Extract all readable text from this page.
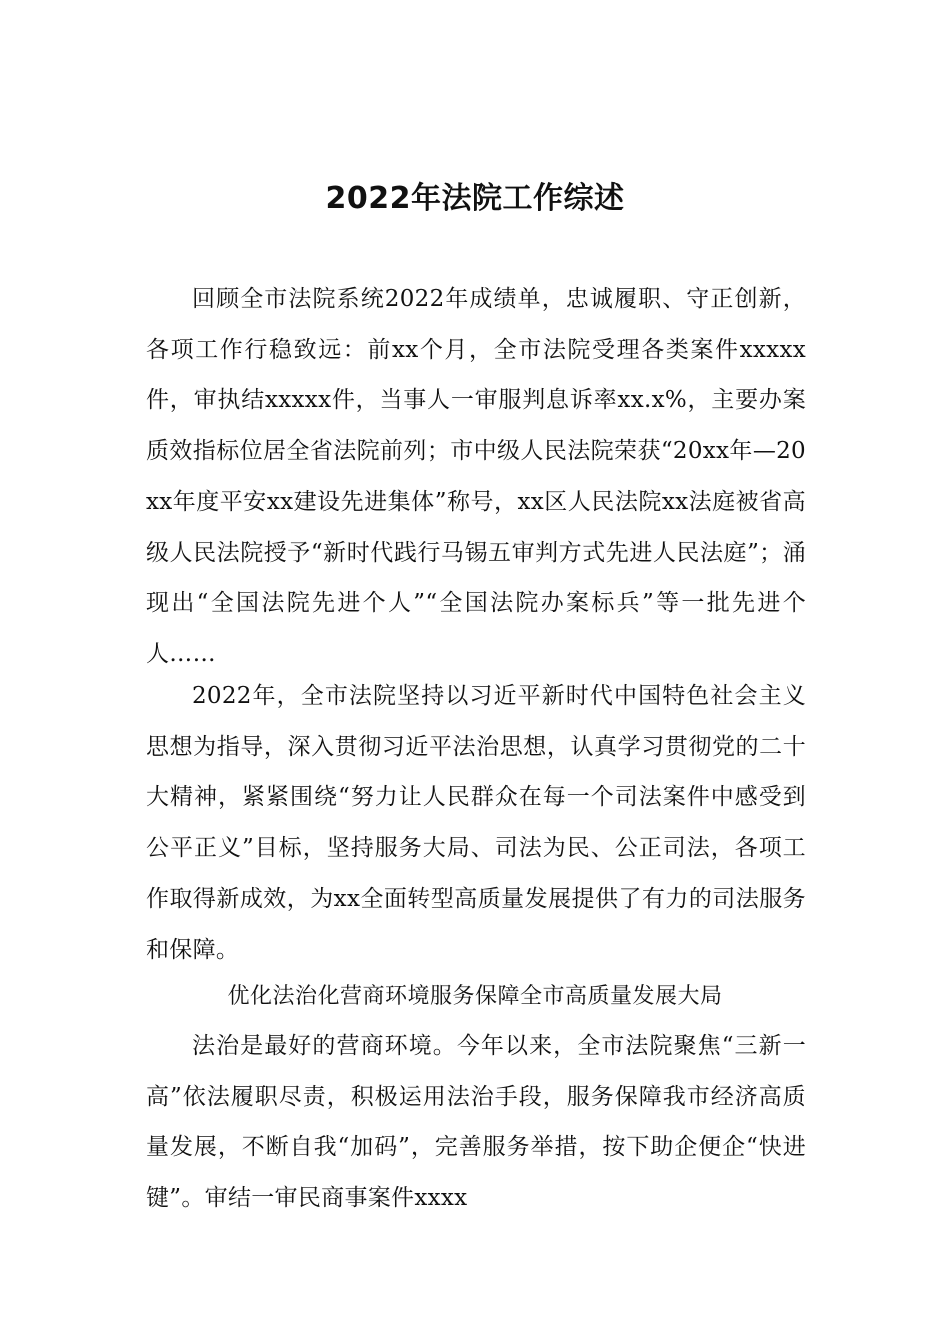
2022年法院工作综述

回顾全市法院系统2022年成绩单，忠诚履职、守正创新，各项工作行稳致远：前xx个月，全市法院受理各类案件xxxxx件，审执结xxxxx件，当事人一审服判息诉率xx.x%，主要办案质效指标位居全省法院前列；市中级人民法院荣获“20xx年—20xx年度平安xx建设先进集体”称号，xx区人民法院xx法庭被省高级人民法院授予“新时代践行马锡五审判方式先进人民法庭”；涌现出“全国法院先进个人”“全国法院办案标兵”等一批先进个人……

2022年，全市法院坚持以习近平新时代中国特色社会主义思想为指导，深入贯彻习近平法治思想，认真学习贯彻党的二十大精神，紧紧围绕“努力让人民群众在每一个司法案件中感受到公平正义”目标，坚持服务大局、司法为民、公正司法，各项工作取得新成效，为xx全面转型高质量发展提供了有力的司法服务和保障。

优化法治化营商环境服务保障全市高质量发展大局

法治是最好的营商环境。今年以来，全市法院聚焦“三新一高”依法履职尽责，积极运用法治手段，服务保障我市经济高质量发展，不断自我“加码”，完善服务举措，按下助企便企“快进键”。审结一审民商事案件xxxx
